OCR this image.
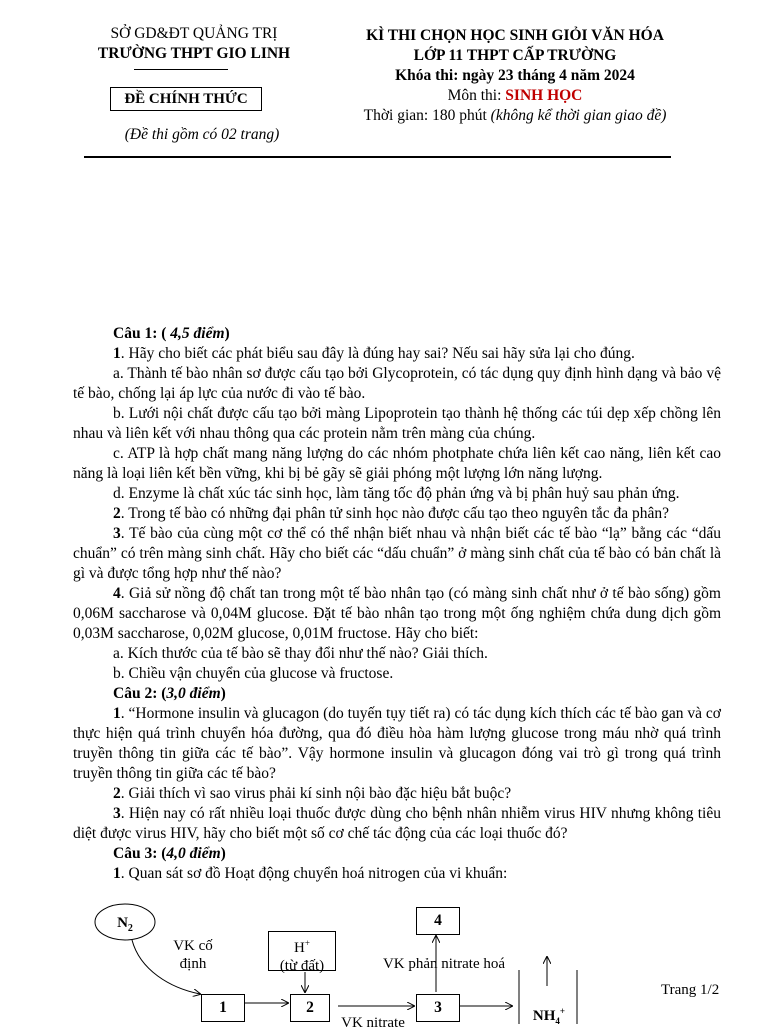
SỞ GD&ĐT QUẢNG TRỊ
TRƯỜNG THPT GIO LINH
ĐỀ CHÍNH THỨC
(Đề thi gồm có 02 trang)
KÌ THI CHỌN HỌC SINH GIỎI VĂN HÓA
LỚP 11 THPT CẤP TRƯỜNG
Khóa thi: ngày 23 tháng 4 năm 2024
Môn thi: SINH HỌC
Thời gian: 180 phút (không kể thời gian giao đề)

Câu 1: ( 4,5 điểm)

1. Hãy cho biết các phát biểu sau đây là đúng hay sai? Nếu sai hãy sửa lại cho đúng.

a. Thành tế bào nhân sơ được cấu tạo bởi Glycoprotein, có tác dụng quy định hình dạng và bảo vệ tế bào, chống lại áp lực của nước đi vào tế bào.

b. Lưới nội chất được cấu tạo bởi màng Lipoprotein tạo thành hệ thống các túi dẹp xếp chồng lên nhau và liên kết với nhau thông qua các protein nằm trên màng của chúng.

c. ATP là hợp chất mang năng lượng do các nhóm photphate chứa liên kết cao năng, liên kết cao năng là loại liên kết bền vững, khi bị bẻ gãy sẽ giải phóng một lượng lớn năng lượng.

d. Enzyme là chất xúc tác sinh học, làm tăng tốc độ phản ứng và bị phân huỷ sau phản ứng.

2. Trong tế bào có những đại phân tử sinh học nào được cấu tạo theo nguyên tắc đa phân?

3. Tế bào của cùng một cơ thể có thể nhận biết nhau và nhận biết các tế bào “lạ” bằng các “dấu chuẩn” có trên màng sinh chất. Hãy cho biết các “dấu chuẩn” ở màng sinh chất của tế bào có bản chất là gì và được tổng hợp như thế nào?

4. Giả sử nồng độ chất tan trong một tế bào nhân tạo (có màng sinh chất như ở tế bào sống) gồm 0,06M saccharose và 0,04M glucose. Đặt tế bào nhân tạo trong một ống nghiệm chứa dung dịch gồm 0,03M saccharose, 0,02M glucose, 0,01M fructose. Hãy cho biết:

a. Kích thước của tế bào sẽ thay đổi như thế nào? Giải thích.

b. Chiều vận chuyển của glucose và fructose.

Câu 2: (3,0 điểm)

1. “Hormone insulin và glucagon (do tuyến tụy tiết ra) có tác dụng kích thích các tế bào gan và cơ thực hiện quá trình chuyển hóa đường, qua đó điều hòa hàm lượng glucose trong máu nhờ quá trình truyền thông tin giữa các tế bào”. Vậy hormone insulin và glucagon đóng vai trò gì trong quá trình truyền thông tin giữa các tế bào?

2. Giải thích vì sao virus phải kí sinh nội bào đặc hiệu bắt buộc?

3. Hiện nay có rất nhiều loại thuốc được dùng cho bệnh nhân nhiễm virus HIV nhưng không tiêu diệt được virus HIV, hãy cho biết một số cơ chế tác động của các loại thuốc đó?

Câu 3: (4,0 điểm)

1. Quan sát sơ đồ Hoạt động chuyển hoá nitrogen của vi khuẩn:

$N_2$
VK cố định
H+
(từ đất)
1	2	3
4
VK phản nitrate hoá
VK nitrate	$NH_4^+$
Trang 1/2
